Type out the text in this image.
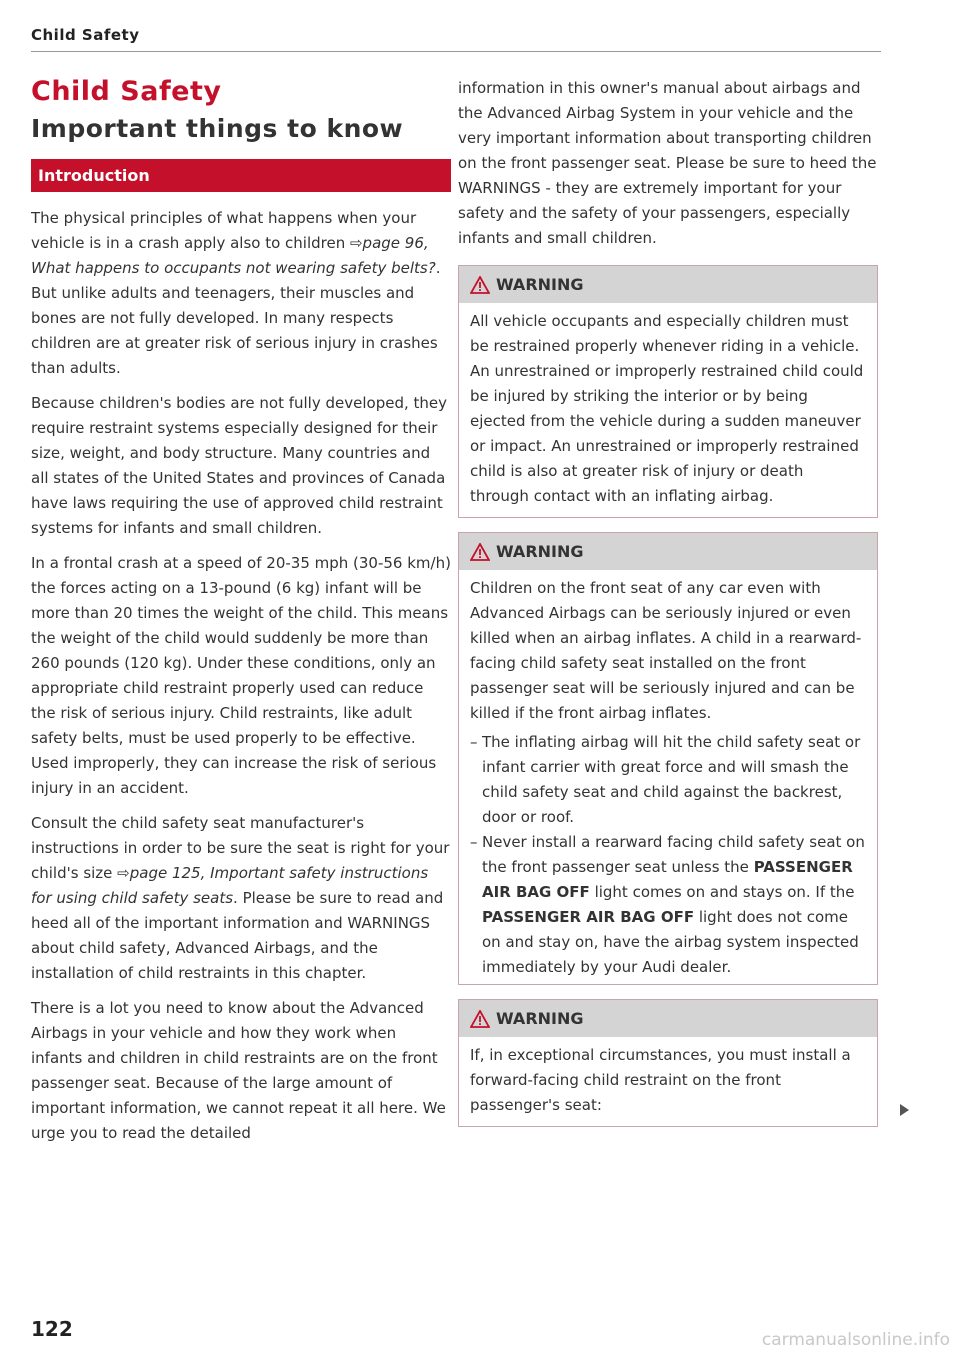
Child Safety
Child Safety
Important things to know
Introduction

The physical principles of what happens when your vehicle is in a crash apply also to children ⇨page 96, What happens to occupants not wearing safety belts?. But unlike adults and teenagers, their muscles and bones are not fully developed. In many respects children are at greater risk of serious injury in crashes than adults.

Because children's bodies are not fully developed, they require restraint systems especially designed for their size, weight, and body structure. Many countries and all states of the United States and provinces of Canada have laws requiring the use of approved child restraint systems for infants and small children.

In a frontal crash at a speed of 20-35 mph (30-56 km/h) the forces acting on a 13-pound (6 kg) infant will be more than 20 times the weight of the child. This means the weight of the child would suddenly be more than 260 pounds (120 kg). Under these conditions, only an appropriate child restraint properly used can reduce the risk of serious injury. Child restraints, like adult safety belts, must be used properly to be effective. Used improperly, they can increase the risk of serious injury in an accident.

Consult the child safety seat manufacturer's instructions in order to be sure the seat is right for your child's size ⇨page 125, Important safety instructions for using child safety seats. Please be sure to read and heed all of the important information and WARNINGS about child safety, Advanced Airbags, and the installation of child restraints in this chapter.

There is a lot you need to know about the Advanced Airbags in your vehicle and how they work when infants and children in child restraints are on the front passenger seat. Because of the large amount of important information, we cannot repeat it all here. We urge you to read the detailed

information in this owner's manual about airbags and the Advanced Airbag System in your vehicle and the very important information about transporting children on the front passenger seat. Please be sure to heed the WARNINGS - they are extremely important for your safety and the safety of your passengers, especially infants and small children.

WARNING

All vehicle occupants and especially children must be restrained properly whenever riding in a vehicle. An unrestrained or improperly restrained child could be injured by striking the interior or by being ejected from the vehicle during a sudden maneuver or impact. An unrestrained or improperly restrained child is also at greater risk of injury or death through contact with an inflating airbag.

WARNING

Children on the front seat of any car even with Advanced Airbags can be seriously injured or even killed when an airbag inflates. A child in a rearward-facing child safety seat installed on the front passenger seat will be seriously injured and can be killed if the front airbag inflates.

– The inflating airbag will hit the child safety seat or infant carrier with great force and will smash the child safety seat and child against the backrest, door or roof.
– Never install a rearward facing child safety seat on the front passenger seat unless the PASSENGER AIR BAG OFF light comes on and stays on. If the PASSENGER AIR BAG OFF light does not come on and stay on, have the airbag system inspected immediately by your Audi dealer.
WARNING

If, in exceptional circumstances, you must install a forward-facing child restraint on the front passenger's seat:

122	carmanualsonline.info
